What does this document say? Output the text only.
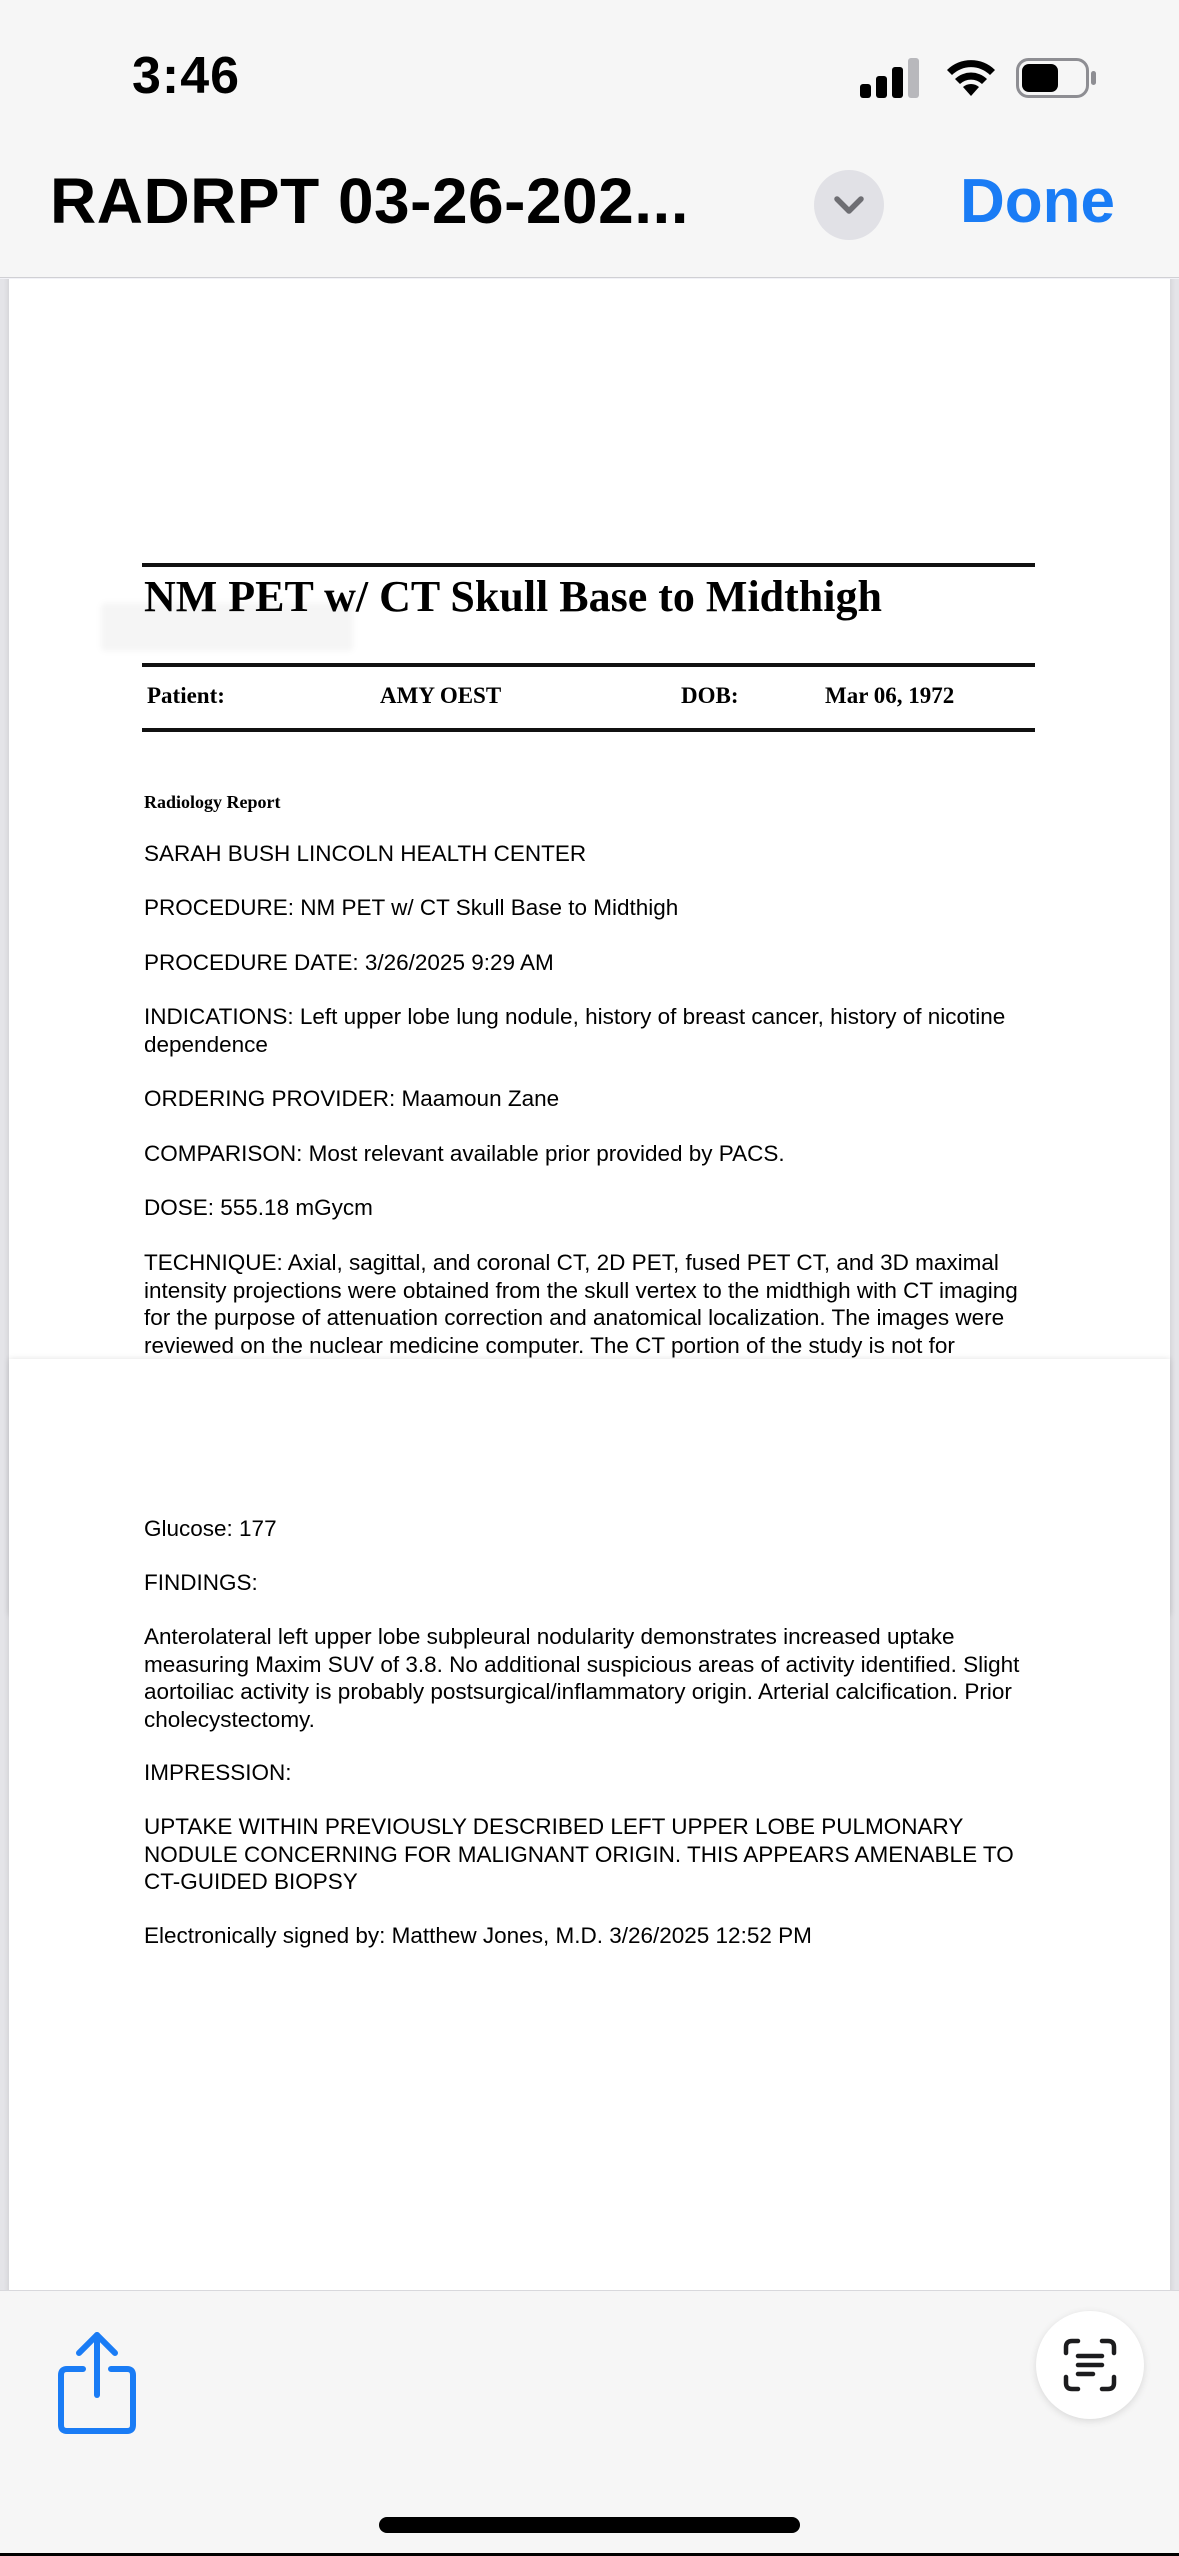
3:46
RADRPT 03-26-202...	Done
NM PET w/ CT Skull Base to Midthigh
Patient:	AMY OEST	DOB:	Mar 06, 1972
Radiology Report
SARAH BUSH LINCOLN HEALTH CENTER
PROCEDURE: NM PET w/ CT Skull Base to Midthigh
PROCEDURE DATE: 3/26/2025 9:29 AM
INDICATIONS: Left upper lobe lung nodule, history of breast cancer, history of nicotine dependence
ORDERING PROVIDER: Maamoun Zane
COMPARISON: Most relevant available prior provided by PACS.
DOSE: 555.18 mGycm
TECHNIQUE: Axial, sagittal, and coronal CT, 2D PET, fused PET CT, and 3D maximal intensity projections were obtained from the skull vertex to the midthigh with CT imaging for the purpose of attenuation correction and anatomical localization. The images were reviewed on the nuclear medicine computer. The CT portion of the study is not for
Glucose: 177
FINDINGS:
Anterolateral left upper lobe subpleural nodularity demonstrates increased uptake measuring Maxim SUV of 3.8. No additional suspicious areas of activity identified. Slight aortoiliac activity is probably postsurgical/inflammatory origin. Arterial calcification. Prior cholecystectomy.
IMPRESSION:
UPTAKE WITHIN PREVIOUSLY DESCRIBED LEFT UPPER LOBE PULMONARY NODULE CONCERNING FOR MALIGNANT ORIGIN. THIS APPEARS AMENABLE TO CT-GUIDED BIOPSY
Electronically signed by: Matthew Jones, M.D. 3/26/2025 12:52 PM
